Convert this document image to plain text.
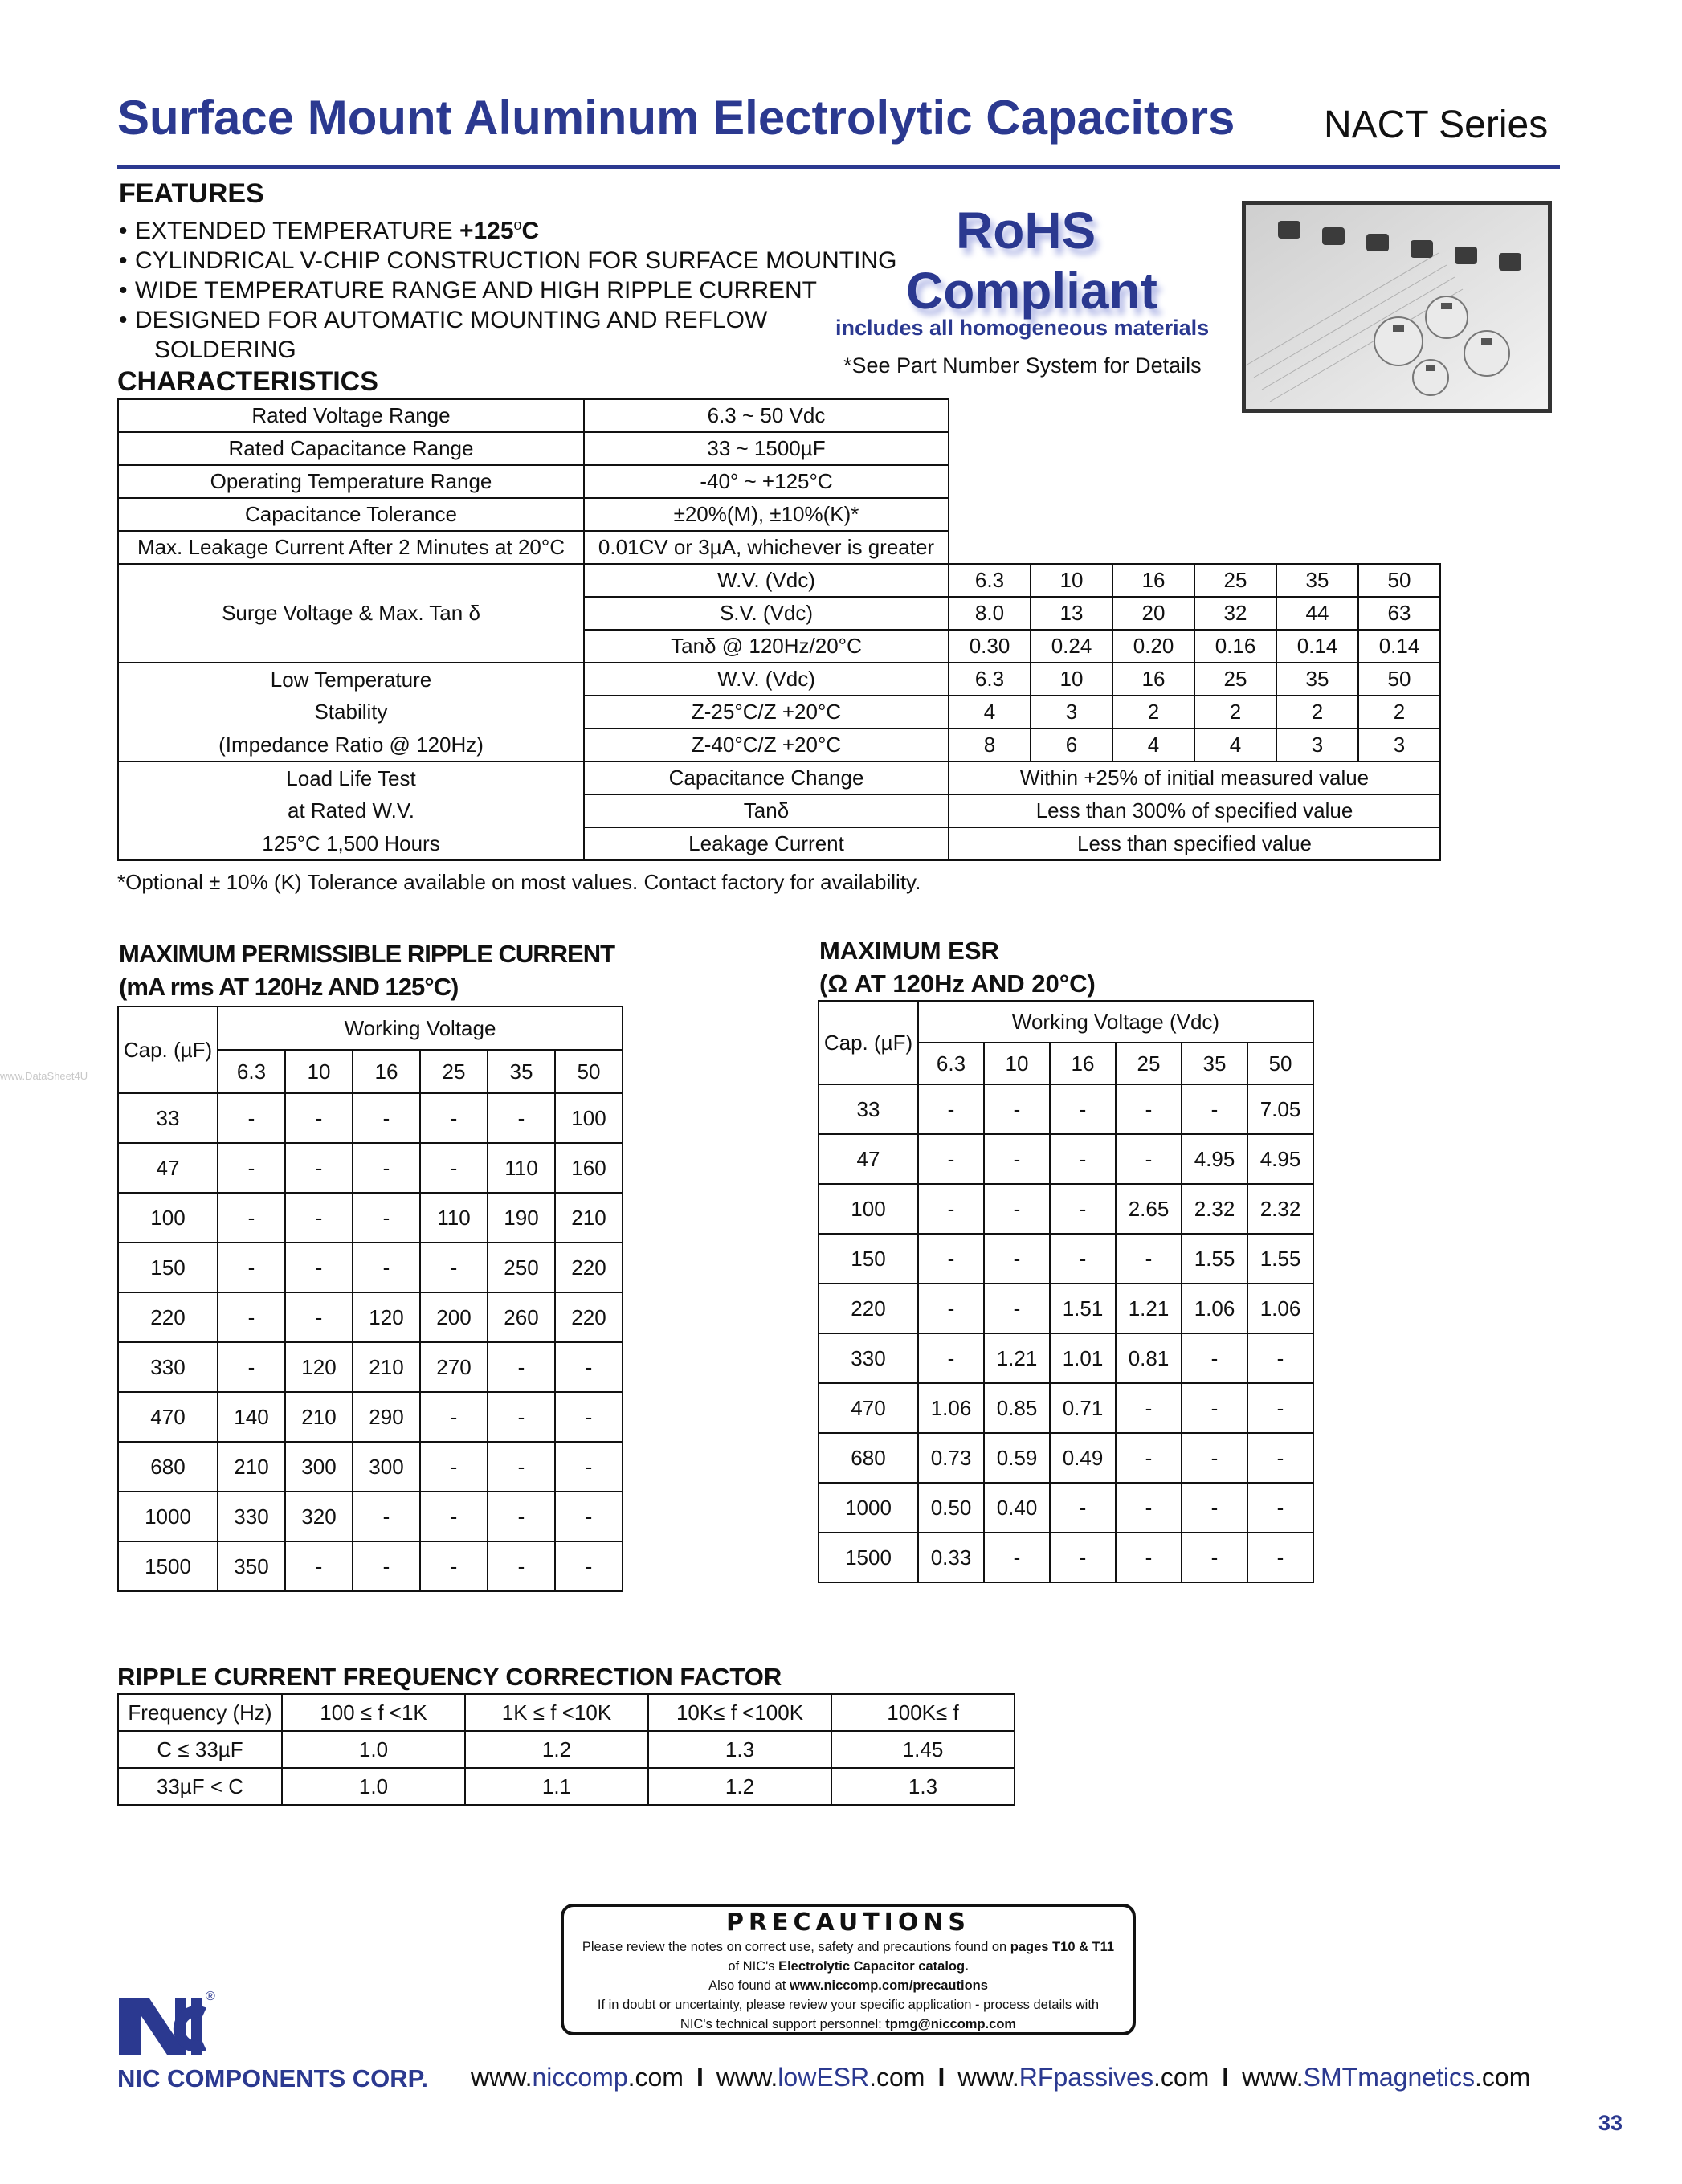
Surface Mount Aluminum Electrolytic Capacitors NACT Series
FEATURES
• EXTENDED TEMPERATURE $+125^oC$
• CYLINDRICAL V-CHIP CONSTRUCTION FOR SURFACE MOUNTING
• WIDE TEMPERATURE RANGE AND HIGH RIPPLE CURRENT
• DESIGNED FOR AUTOMATIC MOUNTING AND REFLOW
SOLDERING
RoHS
Compliant
includes all homogeneous materials
*See Part Number System for Details
CHARACTERISTICS
Rated Voltage Range	6.3 ~ 50 Vdc						
Rated Capacitance Range	33 ~ 1500µF						
Operating Temperature Range	-40° ~ +125°C						
Capacitance Tolerance	±20%(M), ±10%(K)*						
Max. Leakage Current After 2 Minutes at 20°C	0.01CV or 3µA, whichever is greater						
Surge Voltage & Max. Tan δ	W.V. (Vdc)	6.3	10	16	25	35	50
	S.V. (Vdc)	8.0	13	20	32	44	63
	Tanδ @ 120Hz/20°C	0.30	0.24	0.20	0.16	0.14	0.14
Low Temperature	W.V. (Vdc)	6.3	10	16	25	35	50
Stability	Z-25°C/Z +20°C	4	3	2	2	2	2
(Impedance Ratio @ 120Hz)	Z-40°C/Z +20°C	8	6	4	4	3	3
Load Life Test	Capacitance Change	Within +25% of initial measured value					
at Rated W.V.	Tanδ	Less than 300% of specified value					
125°C 1,500 Hours	Leakage Current	Less than specified value					
*Optional ± 10% (K) Tolerance available on most values. Contact factory for availability.
MAXIMUM PERMISSIBLE RIPPLE CURRENT
(mA rms AT 120Hz AND 125°C)
Cap. (µF)	Working Voltage					
	6.3	10	16	25	35	50
33	-	-	-	-	-	100
47	-	-	-	-	110	160
100	-	-	-	110	190	210
150	-	-	-	-	250	220
220	-	-	120	200	260	220
330	-	120	210	270	-	-
470	140	210	290	-	-	-
680	210	300	300	-	-	-
1000	330	320	-	-	-	-
1500	350	-	-	-	-	-
MAXIMUM ESR
(Ω AT 120Hz AND 20°C)
Cap. (µF)	Working Voltage (Vdc)					
	6.3	10	16	25	35	50
33	-	-	-	-	-	7.05
47	-	-	-	-	4.95	4.95
100	-	-	-	2.65	2.32	2.32
150	-	-	-	-	1.55	1.55
220	-	-	1.51	1.21	1.06	1.06
330	-	1.21	1.01	0.81	-	-
470	1.06	0.85	0.71	-	-	-
680	0.73	0.59	0.49	-	-	-
1000	0.50	0.40	-	-	-	-
1500	0.33	-	-	-	-	-
RIPPLE CURRENT FREQUENCY CORRECTION FACTOR
Frequency (Hz)	100 ≤ f <1K	1K ≤ f <10K	10K≤ f <100K	100K≤ f
C ≤ 33µF	1.0	1.2	1.3	1.45
33µF < C	1.0	1.1	1.2	1.3
PRECAUTIONS
Please review the notes on correct use, safety and precautions found on pages T10 & T11
of NIC's Electrolytic Capacitor catalog.
Also found at www.niccomp.com/precautions
If in doubt or uncertainty, please review your specific application - process details with
NIC's technical support personnel: tpmg@niccomp.com
®
NIC COMPONENTS CORP. www.niccomp.com I www.lowESR.com I www.RFpassives.com I www.SMTmagnetics.com
33
www.DataSheet4U
